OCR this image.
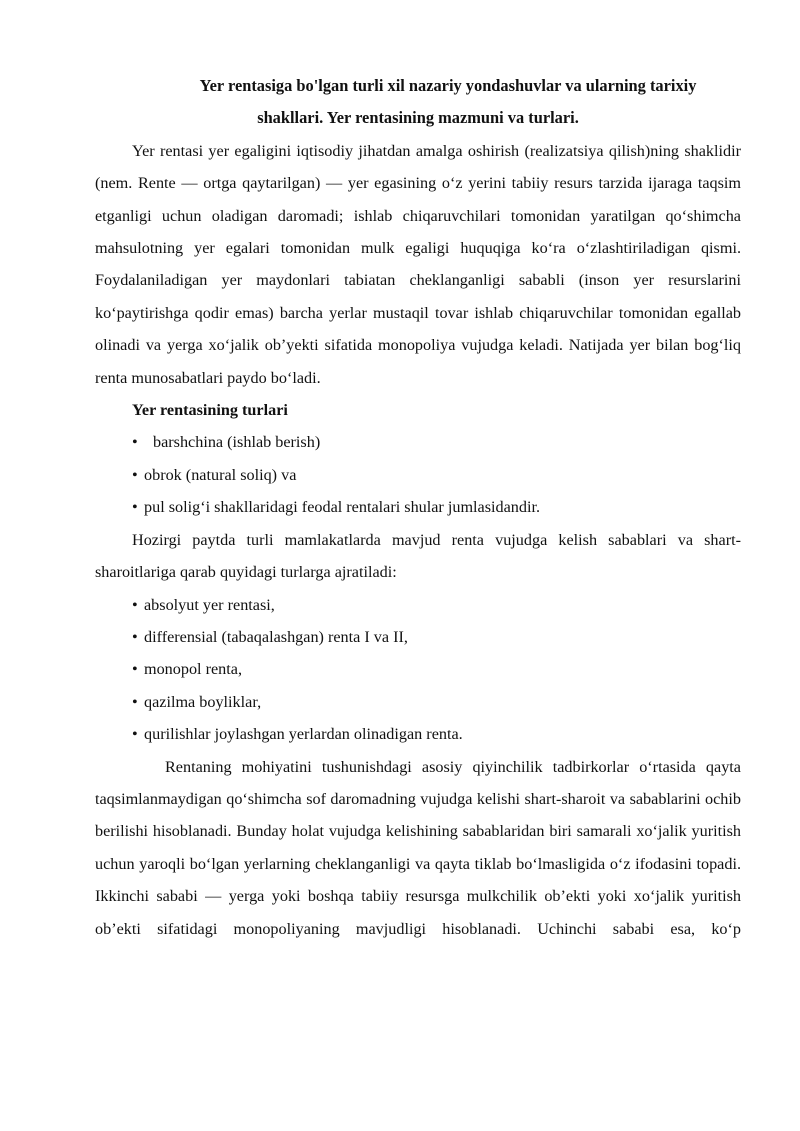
Yer rentasiga bo'lgan turli xil nazariy yondashuvlar va ularning tarixiy
shakllari. Yer rentasining mazmuni va turlari.

Yer rentasi yer egaligini iqtisodiy jihatdan amalga oshirish (realizatsiya qilish)ning shaklidir (nem. Rente — ortga qaytarilgan) — yer egasining oʻz yerini tabiiy resurs tarzida ijaraga taqsim etganligi uchun oladigan daromadi; ishlab chiqaruvchilari tomonidan yaratilgan qoʻshimcha mahsulotning yer egalari tomonidan mulk egaligi huquqiga koʻra oʻzlashtiriladigan qismi. Foydalaniladigan yer maydonlari tabiatan cheklanganligi sababli (inson yer resurslarini koʻpaytirishga qodir emas) barcha yerlar mustaqil tovar ishlab chiqaruvchilar tomonidan egallab olinadi va yerga xoʻjalik obʼyekti sifatida monopoliya vujudga keladi. Natijada yer bilan bogʻliq renta munosabatlari paydo boʻladi.

Yer rentasining turlari

• barshchina (ishlab berish)
• obrok (natural soliq) va
• pul soligʻi shakllaridagi feodal rentalari shular jumlasidandir.

Hozirgi paytda turli mamlakatlarda mavjud renta vujudga kelish sabablari va shart-sharoitlariga qarab quyidagi turlarga ajratiladi:

• absolyut yer rentasi,
• differensial (tabaqalashgan) renta I va II,
• monopol renta,
• qazilma boyliklar,
• qurilishlar joylashgan yerlardan olinadigan renta.

Rentaning mohiyatini tushunishdagi asosiy qiyinchilik tadbirkorlar oʻrtasida qayta taqsimlanmaydigan qoʻshimcha sof daromadning vujudga kelishi shart-sharoit va sabablarini ochib berilishi hisoblanadi. Bunday holat vujudga kelishining sabablaridan biri samarali xoʻjalik yuritish uchun yaroqli boʻlgan yerlarning cheklanganligi va qayta tiklab boʻlmasligida oʻz ifodasini topadi. Ikkinchi sababi — yerga yoki boshqa tabiiy resursga mulkchilik obʼekti yoki xoʻjalik yuritish obʼekti sifatidagi monopoliyaning mavjudligi hisoblanadi. Uchinchi sababi esa, koʻp
